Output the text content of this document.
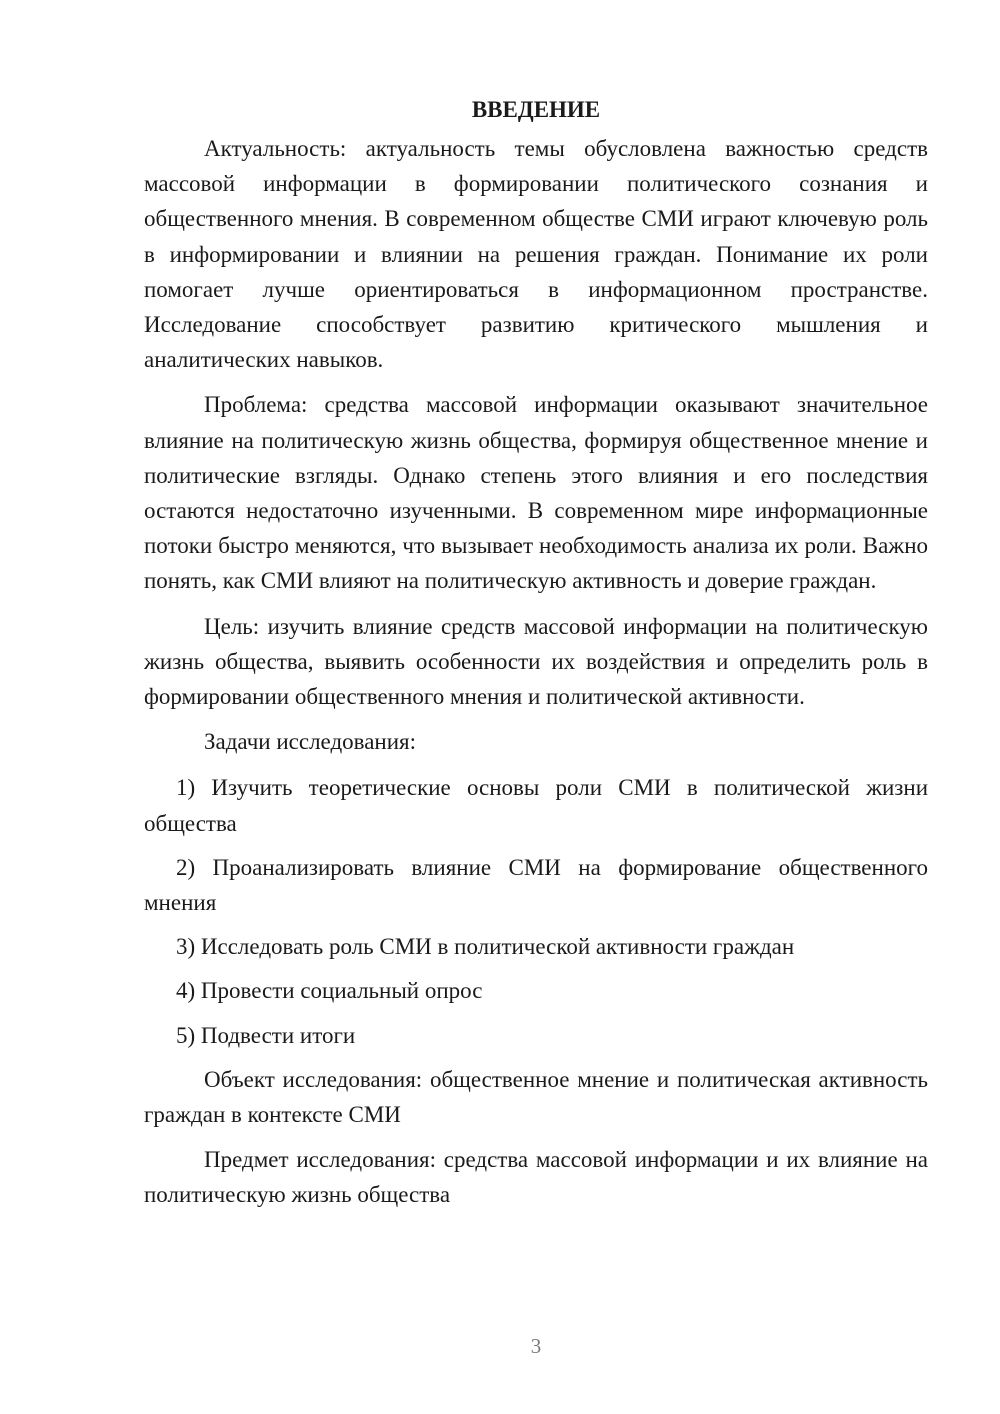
ВВЕДЕНИЕ

Актуальность: актуальность темы обусловлена важностью средств массовой информации в формировании политического сознания и общественного мнения. В современном обществе СМИ играют ключевую роль в информировании и влиянии на решения граждан. Понимание их роли помогает лучше ориентироваться в информационном пространстве. Исследование способствует развитию критического мышления и аналитических навыков.

Проблема: средства массовой информации оказывают значительное влияние на политическую жизнь общества, формируя общественное мнение и политические взгляды. Однако степень этого влияния и его последствия остаются недостаточно изученными. В современном мире информационные потоки быстро меняются, что вызывает необходимость анализа их роли. Важно понять, как СМИ влияют на политическую активность и доверие граждан.

Цель: изучить влияние средств массовой информации на политическую жизнь общества, выявить особенности их воздействия и определить роль в формировании общественного мнения и политической активности.

Задачи исследования:

1) Изучить теоретические основы роли СМИ в политической жизни общества

2) Проанализировать влияние СМИ на формирование общественного мнения

3) Исследовать роль СМИ в политической активности граждан

4) Провести социальный опрос

5) Подвести итоги

Объект исследования: общественное мнение и политическая активность граждан в контексте СМИ

Предмет исследования: средства массовой информации и их влияние на политическую жизнь общества

3
